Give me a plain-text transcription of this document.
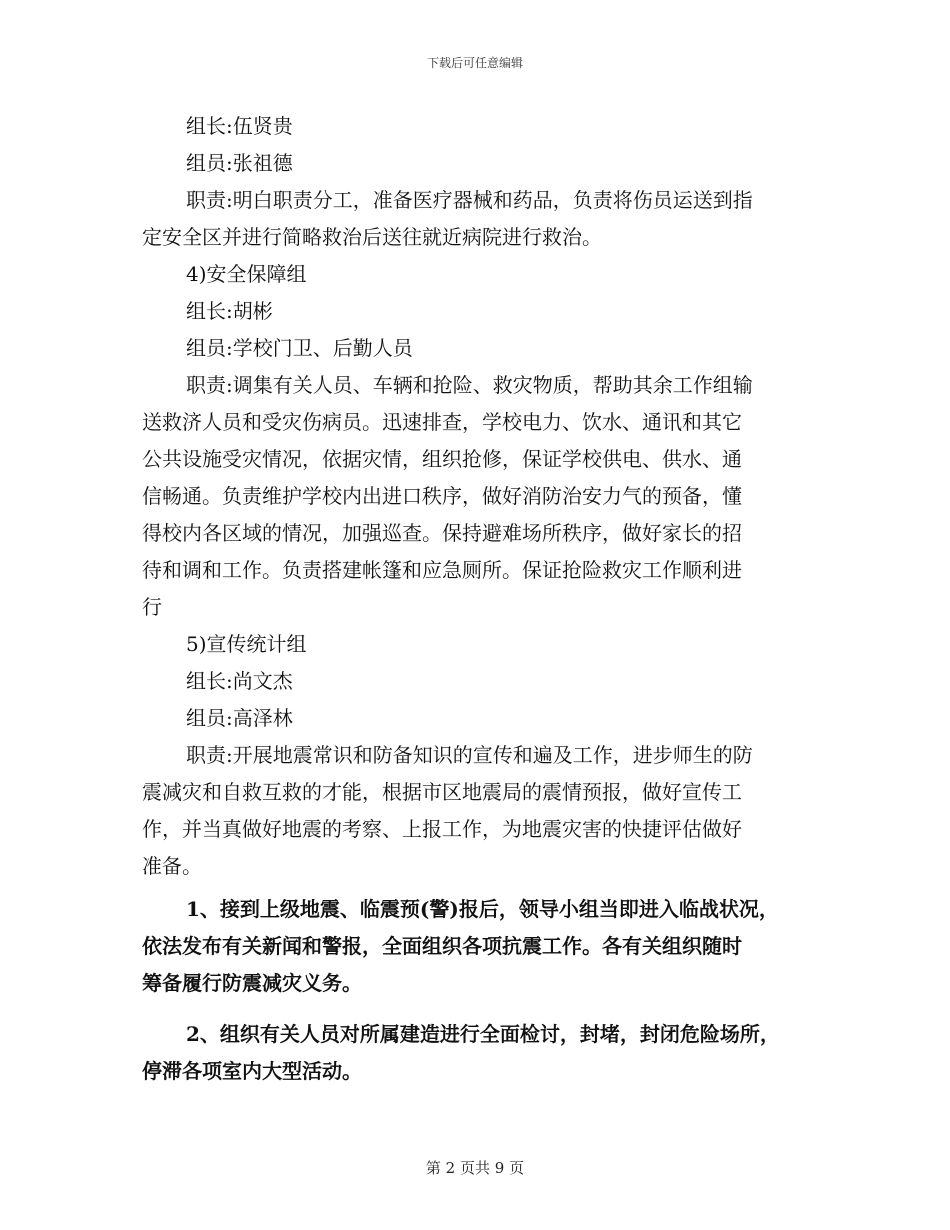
下载后可任意编辑
组长:伍贤贵
组员:张祖德
职责:明白职责分工，准备医疗器械和药品，负责将伤员运送到指
定安全区并进行简略救治后送往就近病院进行救治。
4)安全保障组
组长:胡彬
组员:学校门卫、后勤人员
职责:调集有关人员、车辆和抢险、救灾物质，帮助其余工作组输
送救济人员和受灾伤病员。迅速排查，学校电力、饮水、通讯和其它
公共设施受灾情况，依据灾情，组织抢修，保证学校供电、供水、通
信畅通。负责维护学校内出进口秩序，做好消防治安力气的预备，懂
得校内各区域的情况，加强巡查。保持避难场所秩序，做好家长的招
待和调和工作。负责搭建帐篷和应急厕所。保证抢险救灾工作顺利进
行
5)宣传统计组
组长:尚文杰
组员:高泽林
职责:开展地震常识和防备知识的宣传和遍及工作，进步师生的防
震减灾和自救互救的才能，根据市区地震局的震情预报，做好宣传工
作，并当真做好地震的考察、上报工作，为地震灾害的快捷评估做好
准备。
1、接到上级地震、临震预(警)报后，领导小组当即进入临战状况，
依法发布有关新闻和警报，全面组织各项抗震工作。各有关组织随时
筹备履行防震减灾义务。
2、组织有关人员对所属建造进行全面检讨，封堵，封闭危险场所，
停滞各项室内大型活动。
第 2 页共 9 页
